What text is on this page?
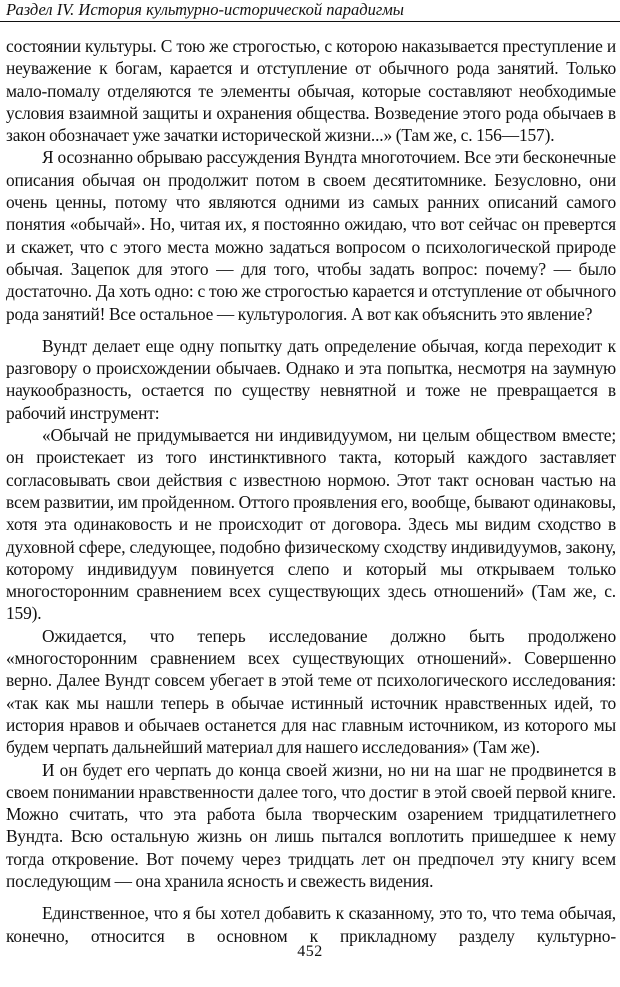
Раздел IV. История культурно-исторической парадигмы

состоянии культуры. С тою же строгостью, с которою наказывается преступление и неуважение к богам, карается и отступление от обычного рода занятий. Только мало-помалу отделяются те элементы обычая, которые составляют необходимые условия взаимной защиты и охранения общества. Возведение этого рода обычаев в закон обозначает уже зачатки исторической жизни...» (Там же, с. 156—157).

Я осознанно обрываю рассуждения Вундта многоточием. Все эти бесконечные описания обычая он продолжит потом в своем десятитомнике. Безусловно, они очень ценны, потому что являются одними из самых ранних описаний самого понятия «обычай». Но, читая их, я постоянно ожидаю, что вот сейчас он превертся и скажет, что с этого места можно задаться вопросом о психологической природе обычая. Зацепок для этого — для того, чтобы задать вопрос: почему? — было достаточно. Да хоть одно: с тою же строгостью карается и отступление от обычного рода занятий! Все остальное — культурология. А вот как объяснить это явление?

Вундт делает еще одну попытку дать определение обычая, когда переходит к разговору о происхождении обычаев. Однако и эта попытка, несмотря на заумную наукообразность, остается по существу невнятной и тоже не превращается в рабочий инструмент:

«Обычай не придумывается ни индивидуумом, ни целым обществом вместе; он проистекает из того инстинктивного такта, который каждого заставляет согласовывать свои действия с известною нормою. Этот такт основан частью на всем развитии, им пройденном. Оттого проявления его, вообще, бывают одинаковы, хотя эта одинаковость и не происходит от договора. Здесь мы видим сходство в духовной сфере, следующее, подобно физическому сходству индивидуумов, закону, которому индивидуум повинуется слепо и который мы открываем только многосторонним сравнением всех существующих здесь отношений» (Там же, с. 159).

Ожидается, что теперь исследование должно быть продолжено «многосторонним сравнением всех существующих отношений». Совершенно верно. Далее Вундт совсем убегает в этой теме от психологического исследования: «так как мы нашли теперь в обычае истинный источник нравственных идей, то история нравов и обычаев останется для нас главным источником, из которого мы будем черпать дальнейший материал для нашего исследования» (Там же).

И он будет его черпать до конца своей жизни, но ни на шаг не продвинется в своем понимании нравственности далее того, что достиг в этой своей первой книге. Можно считать, что эта работа была творческим озарением тридцатилетнего Вундта. Всю остальную жизнь он лишь пытался воплотить пришедшее к нему тогда откровение. Вот почему через тридцать лет он предпочел эту книгу всем последующим — она хранила ясность и свежесть видения.

Единственное, что я бы хотел добавить к сказанному, это то, что тема обычая, конечно, относится в основном к прикладному разделу культурно-

452
